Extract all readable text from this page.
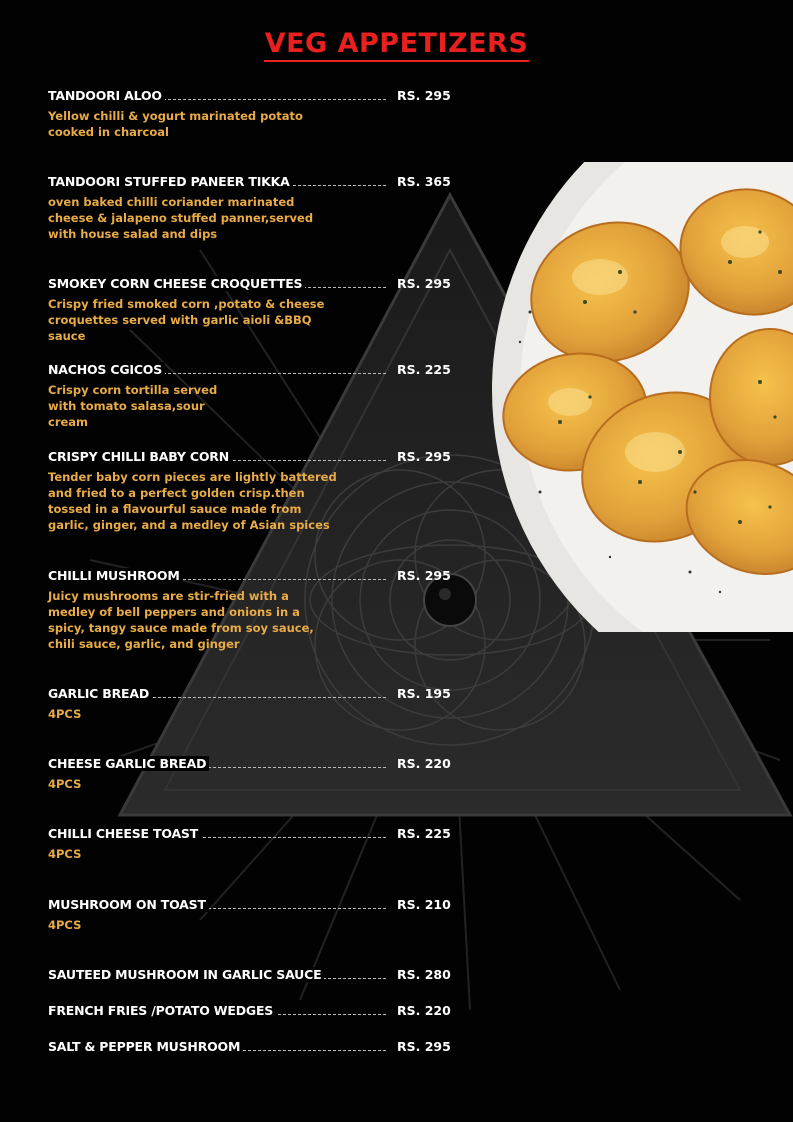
VEG APPETIZERS
TANDOORI ALOO	RS. 295
Yellow chilli & yogurt marinated potato cooked in charcoal
TANDOORI STUFFED PANEER TIKKA	RS. 365
oven baked chilli coriander marinated cheese & jalapeno stuffed panner,served with house salad and dips
SMOKEY CORN CHEESE CROQUETTES	RS. 295
Crispy fried smoked corn ,potato & cheese croquettes served with garlic aioli &BBQ sauce
NACHOS CGICOS	RS. 225
Crispy corn tortilla served with tomato salasa,sour cream
CRISPY CHILLI BABY CORN	RS. 295
Tender baby corn pieces are lightly battered and fried to a perfect golden crisp.then tossed in a flavourful sauce made from garlic, ginger, and a medley of Asian spices
CHILLI MUSHROOM	RS. 295
Juicy mushrooms are stir-fried with a medley of bell peppers and onions in a spicy, tangy sauce made from soy sauce, chili sauce, garlic, and ginger
GARLIC BREAD	RS. 195
4PCS
CHEESE GARLIC BREAD	RS. 220
4PCS
CHILLI CHEESE TOAST	RS. 225
4PCS
MUSHROOM ON TOAST	RS. 210
4PCS
SAUTEED MUSHROOM IN GARLIC SAUCE	RS. 280
FRENCH FRIES /POTATO WEDGES	RS. 220
SALT & PEPPER MUSHROOM	RS. 295
